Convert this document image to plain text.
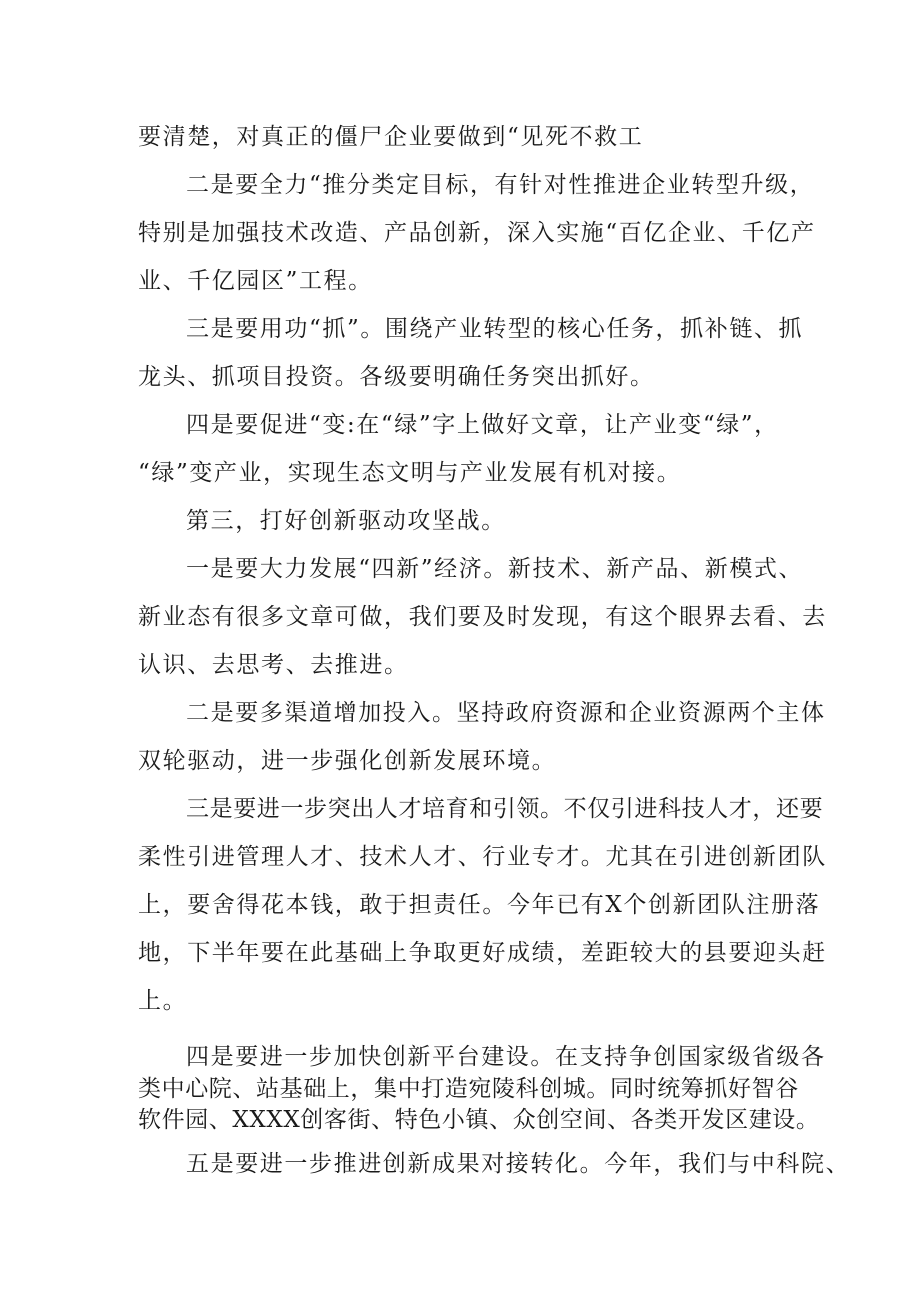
要清楚，对真正的僵尸企业要做到“见死不救工
二是要全力“推分类定目标，有针对性推进企业转型升级，
特别是加强技术改造、产品创新，深入实施“百亿企业、千亿产
业、千亿园区”工程。
三是要用功“抓”。围绕产业转型的核心任务，抓补链、抓
龙头、抓项目投资。各级要明确任务突出抓好。
四是要促进“变:在“绿”字上做好文章，让产业变“绿”，
“绿”变产业，实现生态文明与产业发展有机对接。
第三，打好创新驱动攻坚战。
一是要大力发展“四新”经济。新技术、新产品、新模式、
新业态有很多文章可做，我们要及时发现，有这个眼界去看、去
认识、去思考、去推进。
二是要多渠道增加投入。坚持政府资源和企业资源两个主体
双轮驱动，进一步强化创新发展环境。
三是要进一步突出人才培育和引领。不仅引进科技人才，还要
柔性引进管理人才、技术人才、行业专才。尤其在引进创新团队
上，要舍得花本钱，敢于担责任。今年已有X个创新团队注册落
地，下半年要在此基础上争取更好成绩，差距较大的县要迎头赶
上。
四是要进一步加快创新平台建设。在支持争创国家级省级各
类中心院、站基础上，集中打造宛陵科创城。同时统筹抓好智谷
软件园、XXXX创客街、特色小镇、众创空间、各类开发区建设。
五是要进一步推进创新成果对接转化。今年，我们与中科院、
